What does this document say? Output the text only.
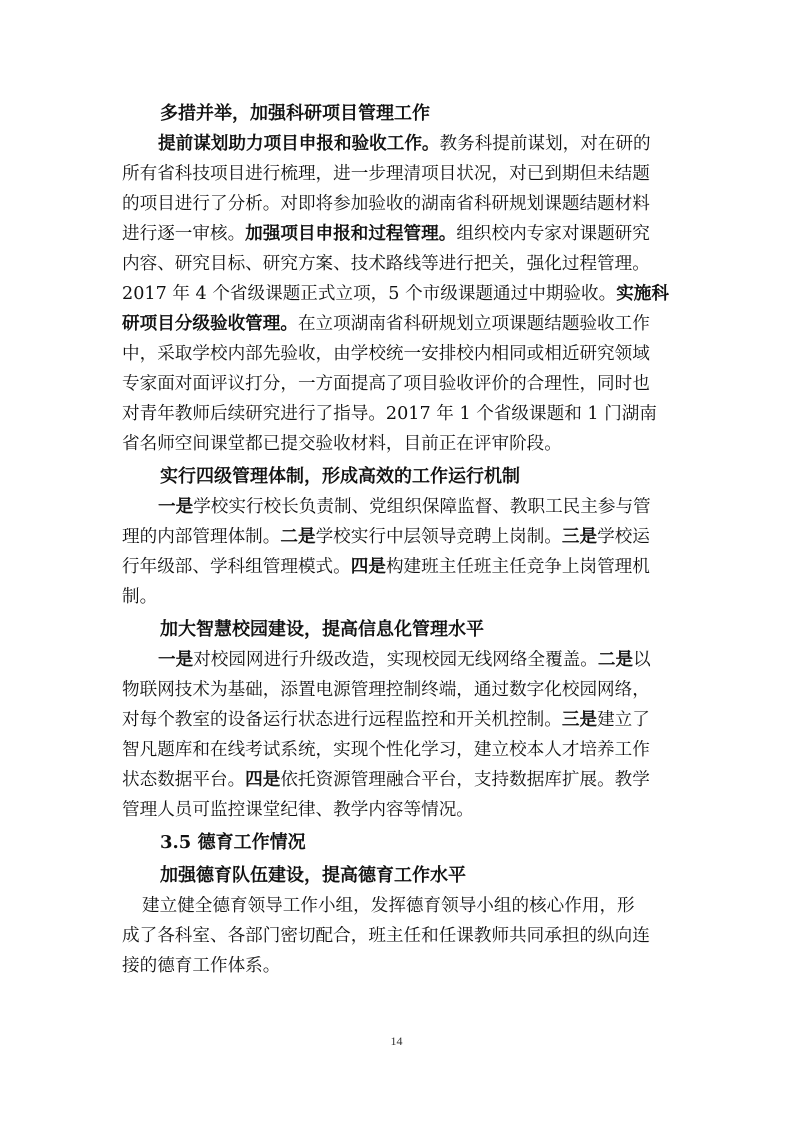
多措并举，加强科研项目管理工作

提前谋划助力项目申报和验收工作。教务科提前谋划，对在研的
所有省科技项目进行梳理，进一步理清项目状况，对已到期但未结题
的项目进行了分析。对即将参加验收的湖南省科研规划课题结题材料
进行逐一审核。加强项目申报和过程管理。组织校内专家对课题研究
内容、研究目标、研究方案、技术路线等进行把关，强化过程管理。
2017 年 4 个省级课题正式立项，5 个市级课题通过中期验收。实施科
研项目分级验收管理。在立项湖南省科研规划立项课题结题验收工作
中，采取学校内部先验收，由学校统一安排校内相同或相近研究领域
专家面对面评议打分，一方面提高了项目验收评价的合理性，同时也
对青年教师后续研究进行了指导。2017 年 1 个省级课题和 1 门湖南
省名师空间课堂都已提交验收材料，目前正在评审阶段。

实行四级管理体制，形成高效的工作运行机制

一是学校实行校长负责制、党组织保障监督、教职工民主参与管
理的内部管理体制。二是学校实行中层领导竞聘上岗制。三是学校运
行年级部、学科组管理模式。四是构建班主任班主任竞争上岗管理机
制。

加大智慧校园建设，提高信息化管理水平

一是对校园网进行升级改造，实现校园无线网络全覆盖。二是以
物联网技术为基础，添置电源管理控制终端，通过数字化校园网络，
对每个教室的设备运行状态进行远程监控和开关机控制。三是建立了
智凡题库和在线考试系统，实现个性化学习，建立校本人才培养工作
状态数据平台。四是依托资源管理融合平台，支持数据库扩展。教学
管理人员可监控课堂纪律、教学内容等情况。

3.5 德育工作情况

加强德育队伍建设，提高德育工作水平

建立健全德育领导工作小组，发挥德育领导小组的核心作用，形
成了各科室、各部门密切配合，班主任和任课教师共同承担的纵向连
接的德育工作体系。
14
